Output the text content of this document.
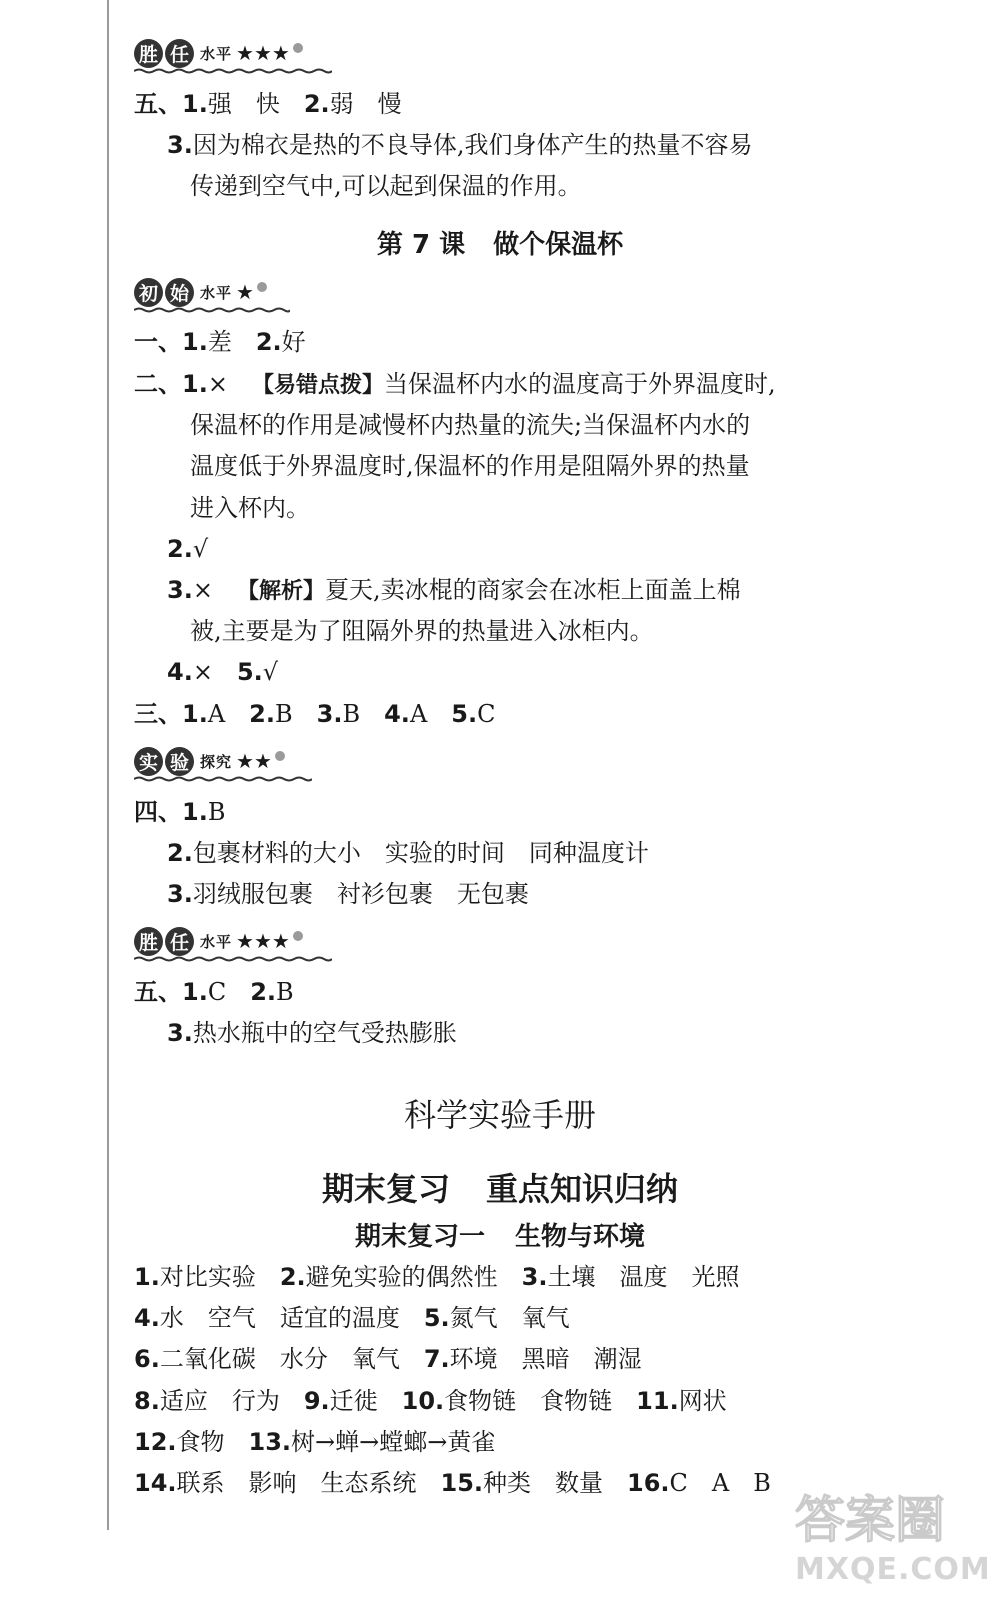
胜 任 水平 ★★★
五、1.强　快 2.弱　慢
3.因为棉衣是热的不良导体,我们身体产生的热量不容易
传递到空气中,可以起到保温的作用。
第 7 课 做个保温杯
初 始 水平 ★
一、1.差 2.好
二、1.× 【易错点拨】当保温杯内水的温度高于外界温度时,
保温杯的作用是减慢杯内热量的流失;当保温杯内水的
温度低于外界温度时,保温杯的作用是阻隔外界的热量
进入杯内。
2.√
3.× 【解析】夏天,卖冰棍的商家会在冰柜上面盖上棉
被,主要是为了阻隔外界的热量进入冰柜内。
4.× 5.√
三、1.A 2.B 3.B 4.A 5.C
实 验 探究 ★★
四、1.B
2.包裹材料的大小　实验的时间　同种温度计
3.羽绒服包裹　衬衫包裹　无包裹
胜 任 水平 ★★★
五、1.C 2.B
3.热水瓶中的空气受热膨胀
科学实验手册
期末复习 重点知识归纳
期末复习一 生物与环境
1.对比实验 2.避免实验的偶然性 3.土壤　温度　光照
4.水　空气　适宜的温度 5.氮气　氧气
6.二氧化碳　水分　氧气 7.环境　黑暗　潮湿
8.适应　行为 9.迁徙 10.食物链　食物链 11.网状
12.食物 13.树→蝉→螳螂→黄雀
14.联系　影响　生态系统 15.种类　数量 16.C　A　B
答案圈
MXQE.COM
